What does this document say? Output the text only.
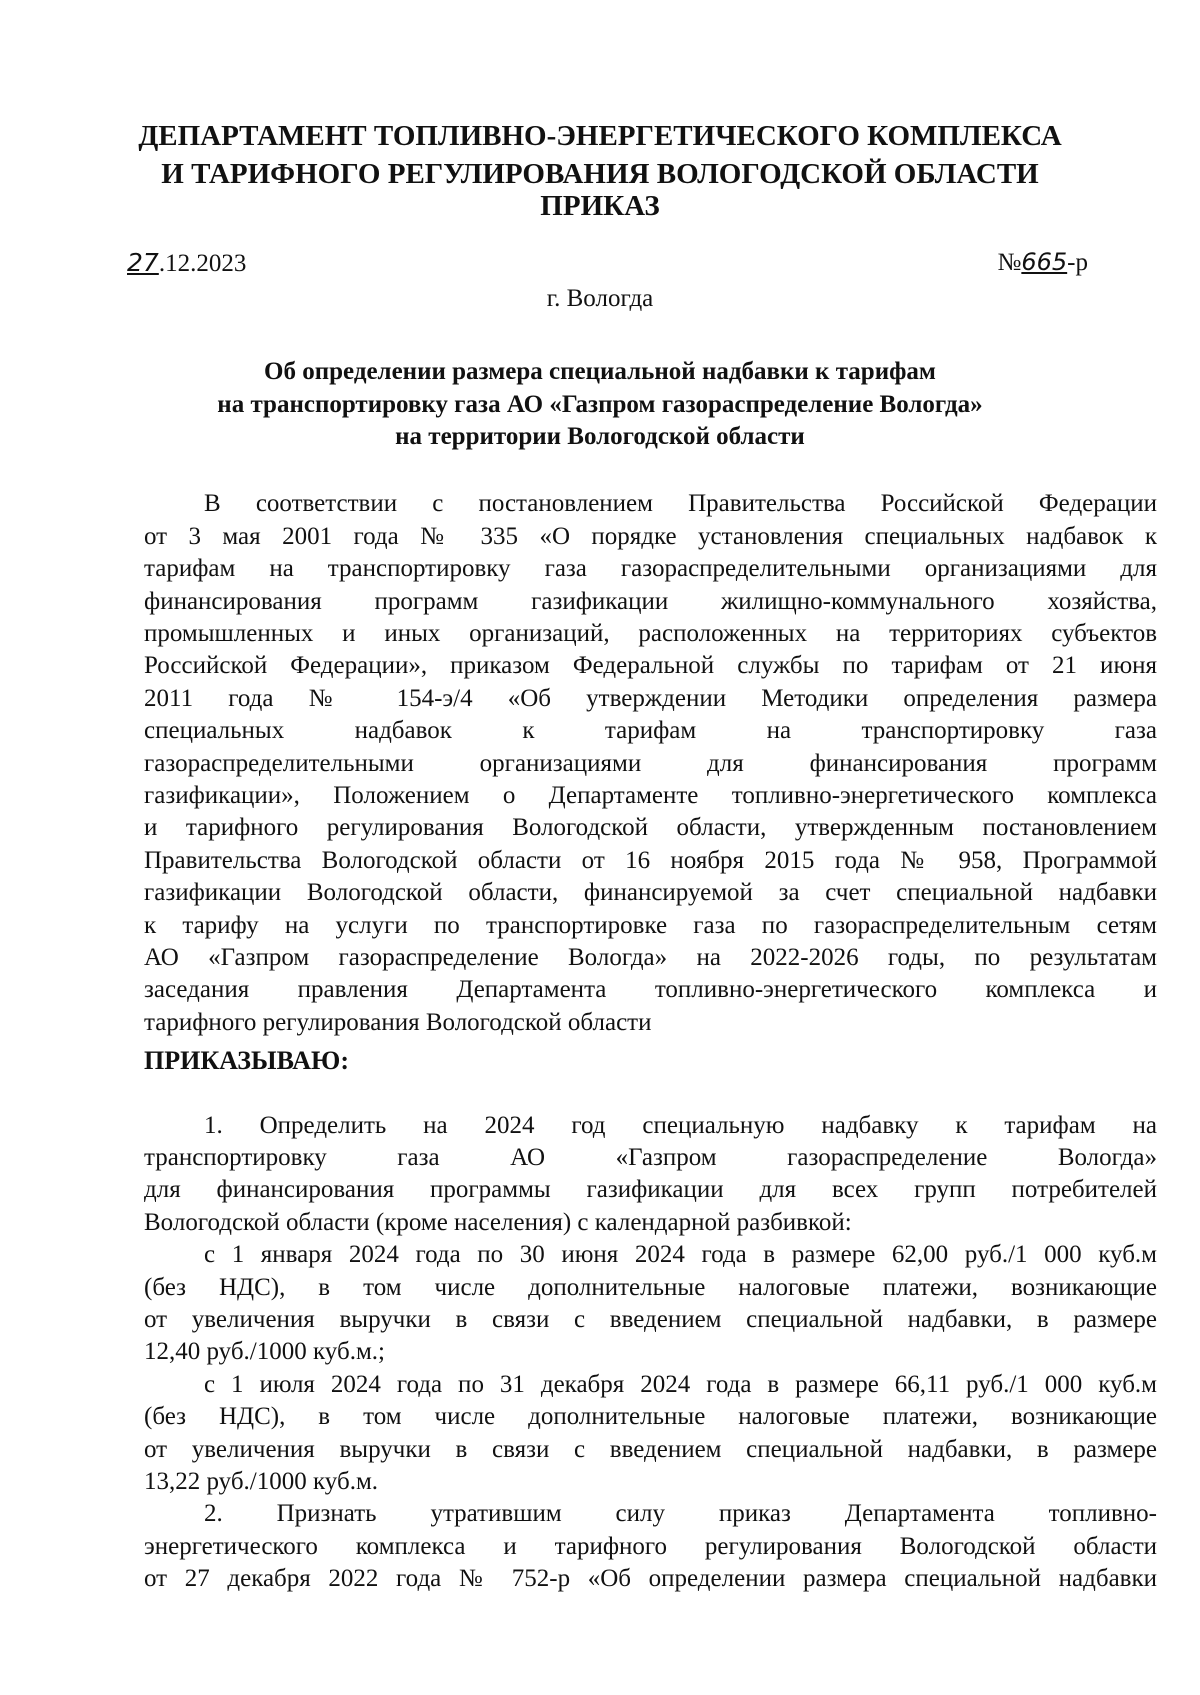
ДЕПАРТАМЕНТ ТОПЛИВНО-ЭНЕРГЕТИЧЕСКОГО КОМПЛЕКСА
И ТАРИФНОГО РЕГУЛИРОВАНИЯ ВОЛОГОДСКОЙ ОБЛАСТИ
ПРИКАЗ
27.12.2023	№665-р
г. Вологда
Об определении размера специальной надбавки к тарифам
на транспортировку газа АО «Газпром газораспределение Вологда»
на территории Вологодской области
В соответствии с постановлением Правительства Российской Федерации
от 3 мая 2001 года № 335 «О порядке установления специальных надбавок к
тарифам на транспортировку газа газораспределительными организациями для
финансирования программ газификации жилищно-коммунального хозяйства,
промышленных и иных организаций, расположенных на территориях субъектов
Российской Федерации», приказом Федеральной службы по тарифам от 21 июня
2011 года № 154-э/4 «Об утверждении Методики определения размера
специальных надбавок к тарифам на транспортировку газа
газораспределительными организациями для финансирования программ
газификации», Положением о Департаменте топливно-энергетического комплекса
и тарифного регулирования Вологодской области, утвержденным постановлением
Правительства Вологодской области от 16 ноября 2015 года № 958, Программой
газификации Вологодской области, финансируемой за счет специальной надбавки
к тарифу на услуги по транспортировке газа по газораспределительным сетям
АО «Газпром газораспределение Вологда» на 2022-2026 годы, по результатам
заседания правления Департамента топливно-энергетического комплекса и
тарифного регулирования Вологодской области
ПРИКАЗЫВАЮ:
1. Определить на 2024 год специальную надбавку к тарифам на
транспортировку газа АО «Газпром газораспределение Вологда»
для финансирования программы газификации для всех групп потребителей
Вологодской области (кроме населения) с календарной разбивкой:
с 1 января 2024 года по 30 июня 2024 года в размере 62,00 руб./1 000 куб.м
(без НДС), в том числе дополнительные налоговые платежи, возникающие
от увеличения выручки в связи с введением специальной надбавки, в размере
12,40 руб./1000 куб.м.;
с 1 июля 2024 года по 31 декабря 2024 года в размере 66,11 руб./1 000 куб.м
(без НДС), в том числе дополнительные налоговые платежи, возникающие
от увеличения выручки в связи с введением специальной надбавки, в размере
13,22 руб./1000 куб.м.
2. Признать утратившим силу приказ Департамента топливно-
энергетического комплекса и тарифного регулирования Вологодской области
от 27 декабря 2022 года № 752-р «Об определении размера специальной надбавки
